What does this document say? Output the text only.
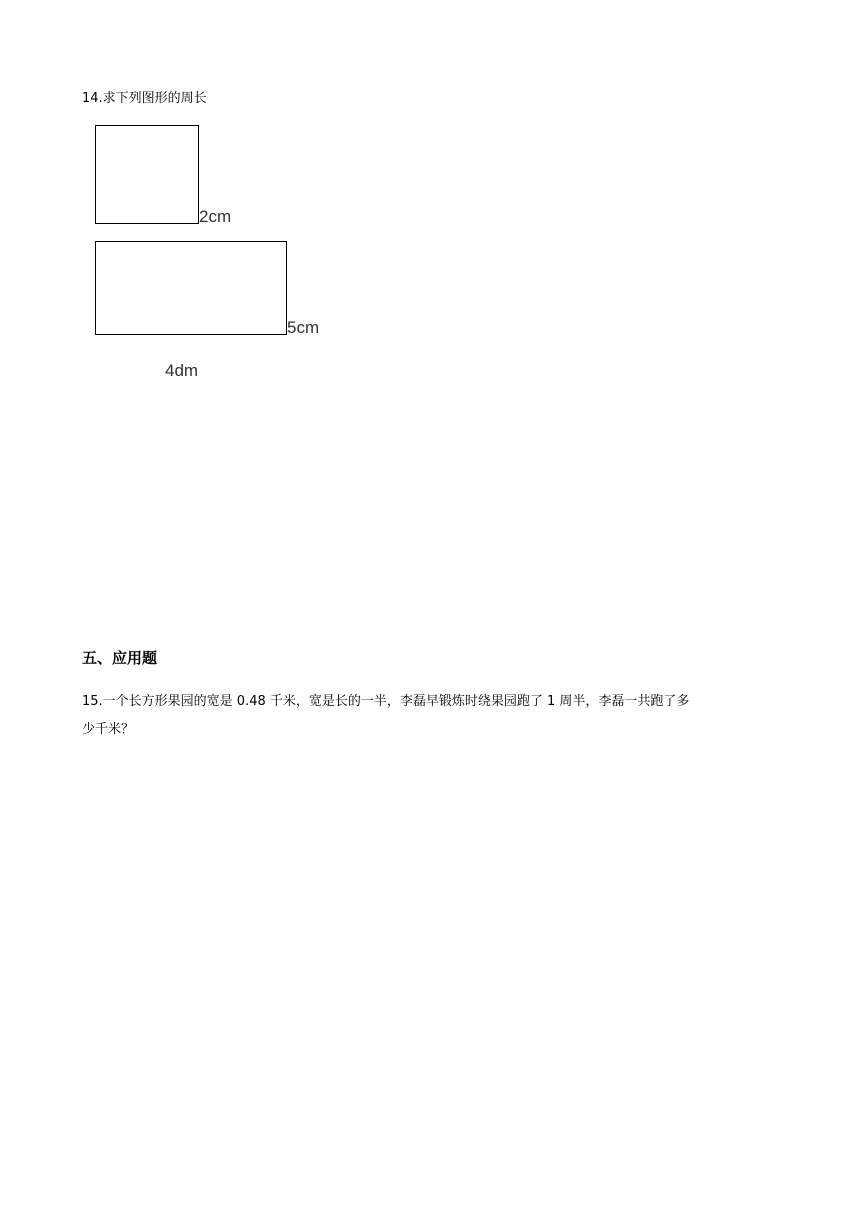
14.求下列图形的周长
2cm
5cm
4dm
五、应用题
15.一个长方形果园的宽是 0.48 千米，宽是长的一半，李磊早锻炼时绕果园跑了 1 周半，李磊一共跑了多
少千米？
